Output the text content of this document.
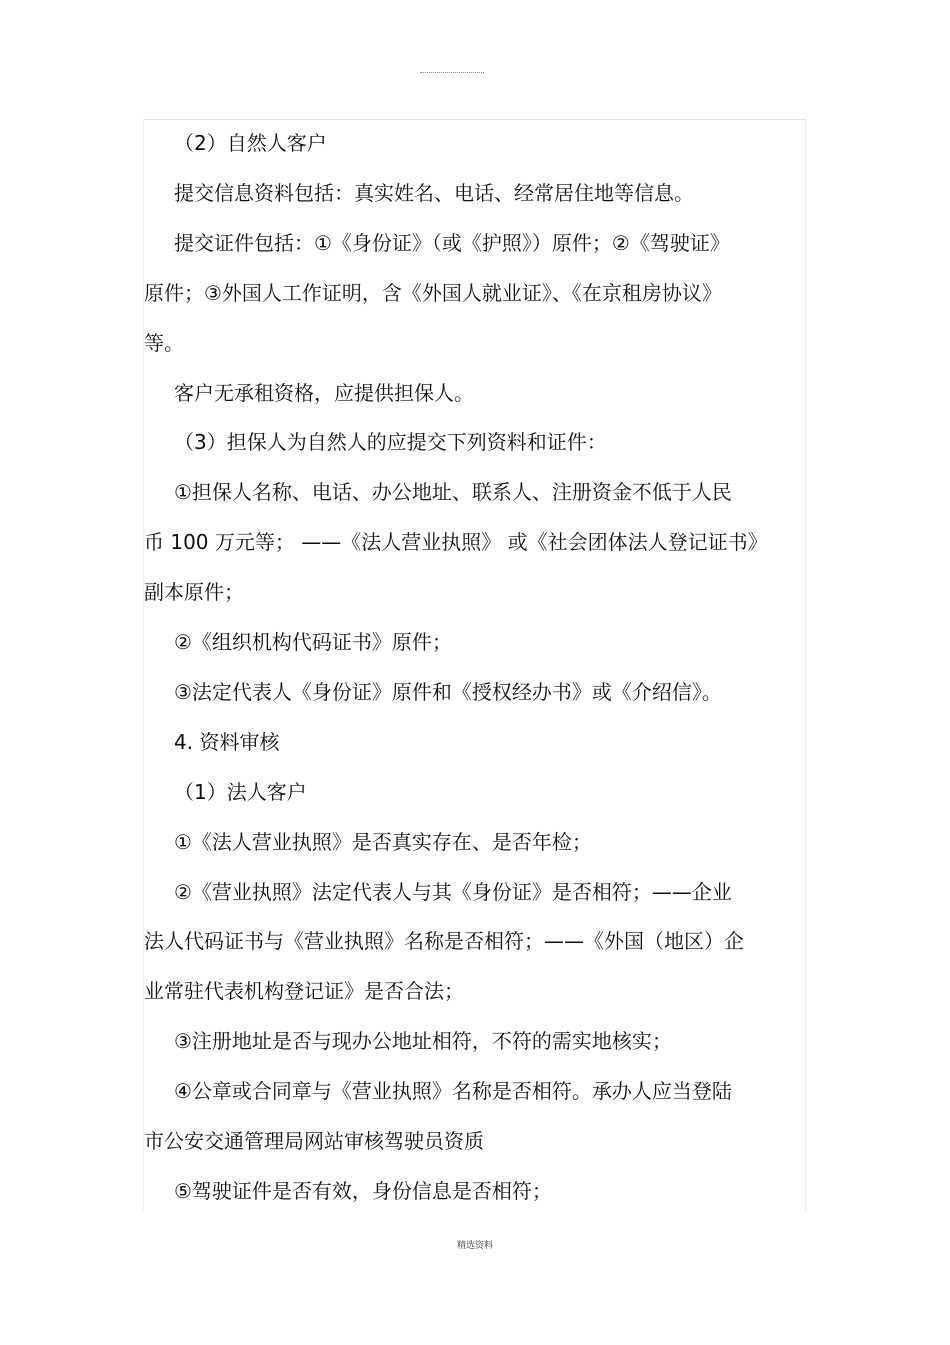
（2）自然人客户
提交信息资料包括：真实姓名、电话、经常居住地等信息。
提交证件包括：①《身份证》（或《护照》）原件；②《驾驶证》
原件；③外国人工作证明，含《外国人就业证》、《在京租房协议》
等。
客户无承租资格，应提供担保人。
（3）担保人为自然人的应提交下列资料和证件：
①担保人名称、电话、办公地址、联系人、注册资金不低于人民
币 100 万元等； ——《法人营业执照》 或《社会团体法人登记证书》
副本原件；
②《组织机构代码证书》原件；
③法定代表人《身份证》原件和《授权经办书》或《介绍信》。
4. 资料审核
（1）法人客户
①《法人营业执照》是否真实存在、是否年检；
②《营业执照》法定代表人与其《身份证》是否相符；——企业
法人代码证书与《营业执照》名称是否相符；——《外国（地区）企
业常驻代表机构登记证》是否合法；
③注册地址是否与现办公地址相符，不符的需实地核实；
④公章或合同章与《营业执照》名称是否相符。承办人应当登陆
市公安交通管理局网站审核驾驶员资质
⑤驾驶证件是否有效，身份信息是否相符；
精选资料
